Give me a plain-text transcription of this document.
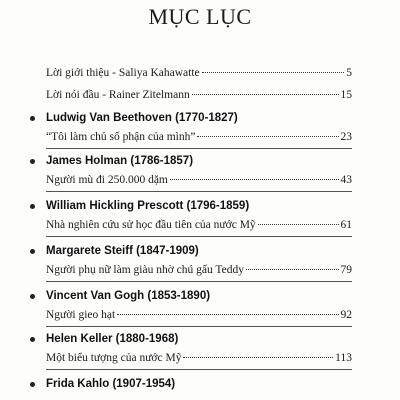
MỤC LỤC
Lời giới thiệu - Saliya Kahawatte	5
Lời nói đầu - Rainer Zitelmann	15
Ludwig Van Beethoven (1770-1827)
“Tôi làm chủ số phận của mình”	23
James Holman (1786-1857)
Người mù đi 250.000 dặm	43
William Hickling Prescott (1796-1859)
Nhà nghiên cứu sử học đầu tiên của nước Mỹ	61
Margarete Steiff (1847-1909)
Người phụ nữ làm giàu nhờ chú gấu Teddy	79
Vincent Van Gogh (1853-1890)
Người gieo hạt	92
Helen Keller (1880-1968)
Một biểu tượng của nước Mỹ	113
Frida Kahlo (1907-1954)
